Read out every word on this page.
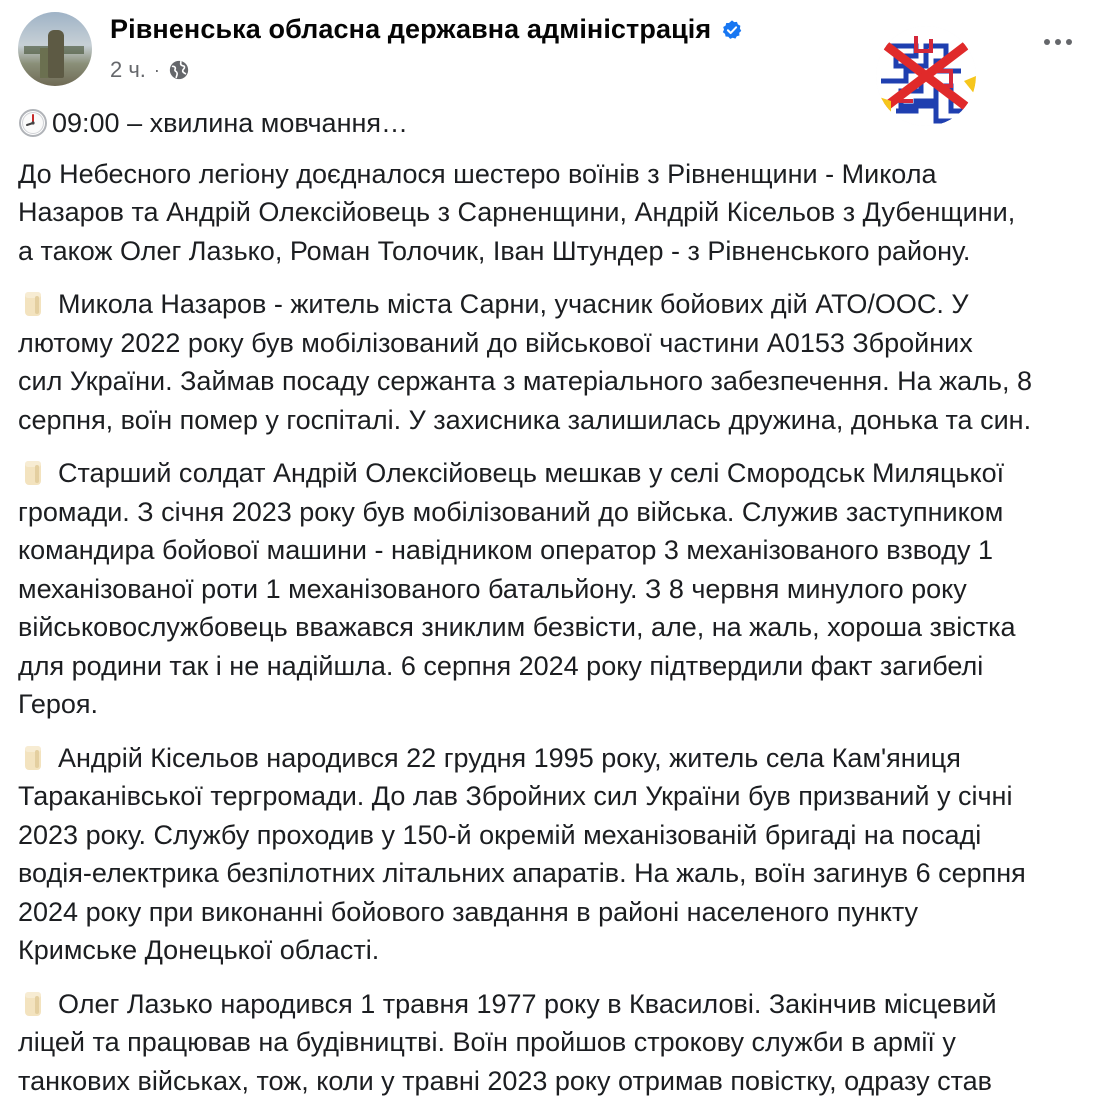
Рівненська обласна державна адміністрація
2 ч. ·

09:00 – хвилина мовчання…

До Небесного легіону доєдналося шестеро воїнів з Рівненщини - Микола
Назаров та Андрій Олексійовець з Сарненщини, Андрій Кісельов з Дубенщини,
а також Олег Лазько, Роман Толочик, Іван Штундер - з Рівненського району.

Микола Назаров - житель міста Сарни, учасник бойових дій АТО/ООС. У
лютому 2022 року був мобілізований до військової частини А0153 Збройних
сил України. Займав посаду сержанта з матеріального забезпечення. На жаль, 8
серпня, воїн помер у госпіталі. У захисника залишилась дружина, донька та син.

Старший солдат Андрій Олексійовець мешкав у селі Смородськ Миляцької
громади. З січня 2023 року був мобілізований до війська. Служив заступником
командира бойової машини - навідником оператор 3 механізованого взводу 1
механізованої роти 1 механізованого батальйону. З 8 червня минулого року
військовослужбовець вважався зниклим безвісти, але, на жаль, хороша звістка
для родини так і не надійшла. 6 серпня 2024 року підтвердили факт загибелі
Героя.

Андрій Кісельов народився 22 грудня 1995 року, житель села Кам'яниця
Тараканівської тергромади. До лав Збройних сил України був призваний у січні
2023 року. Службу проходив у 150-й окремій механізованій бригаді на посаді
водія-електрика безпілотних літальних апаратів. На жаль, воїн загинув 6 серпня
2024 року при виконанні бойового завдання в районі населеного пункту
Кримське Донецької області.

Олег Лазько народився 1 травня 1977 року в Квасилові. Закінчив місцевий
ліцей та працював на будівництві. Воїн пройшов строкову служби в армії у
танкових військах, тож, коли у травні 2023 року отримав повістку, одразу став
